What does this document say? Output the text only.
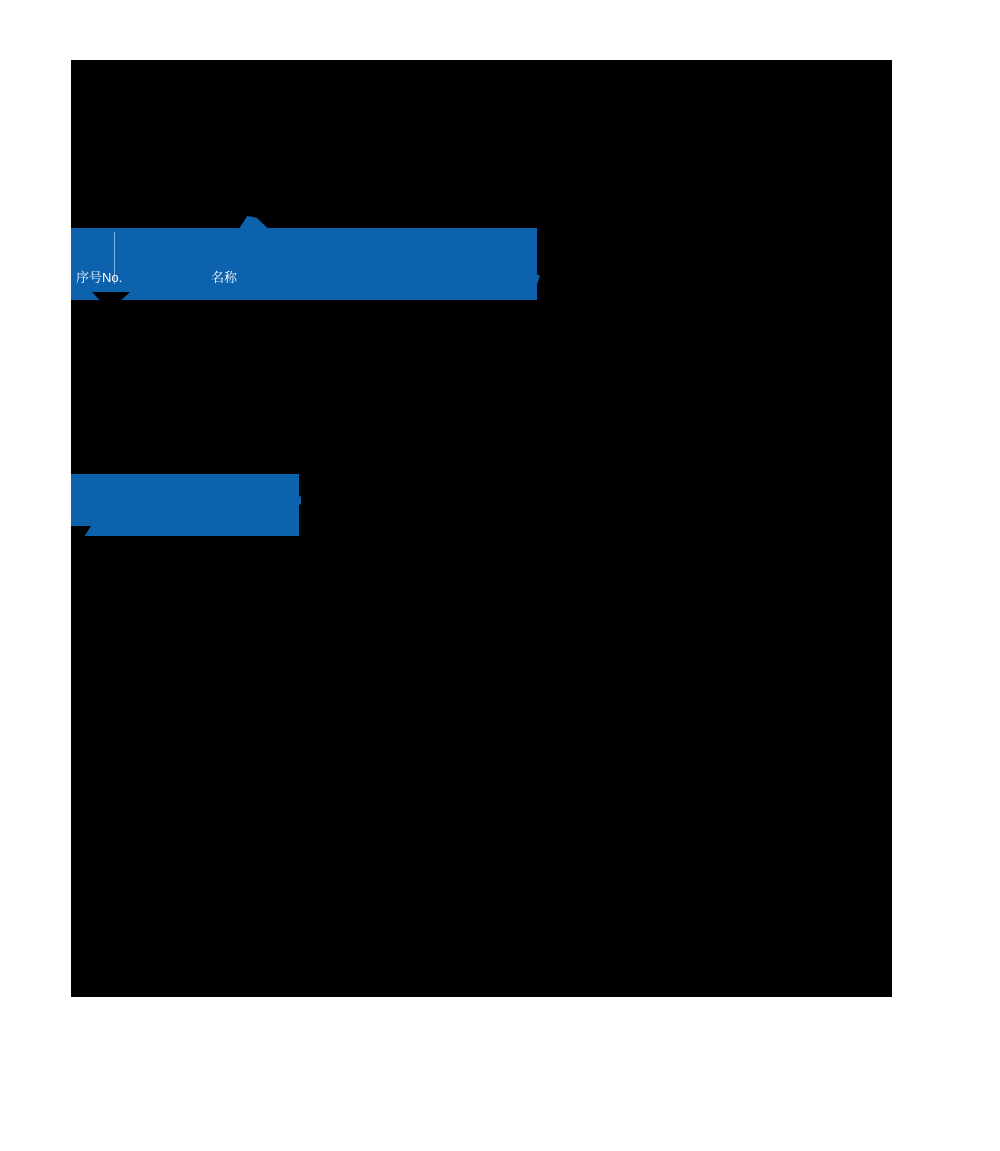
序号No.	名称
